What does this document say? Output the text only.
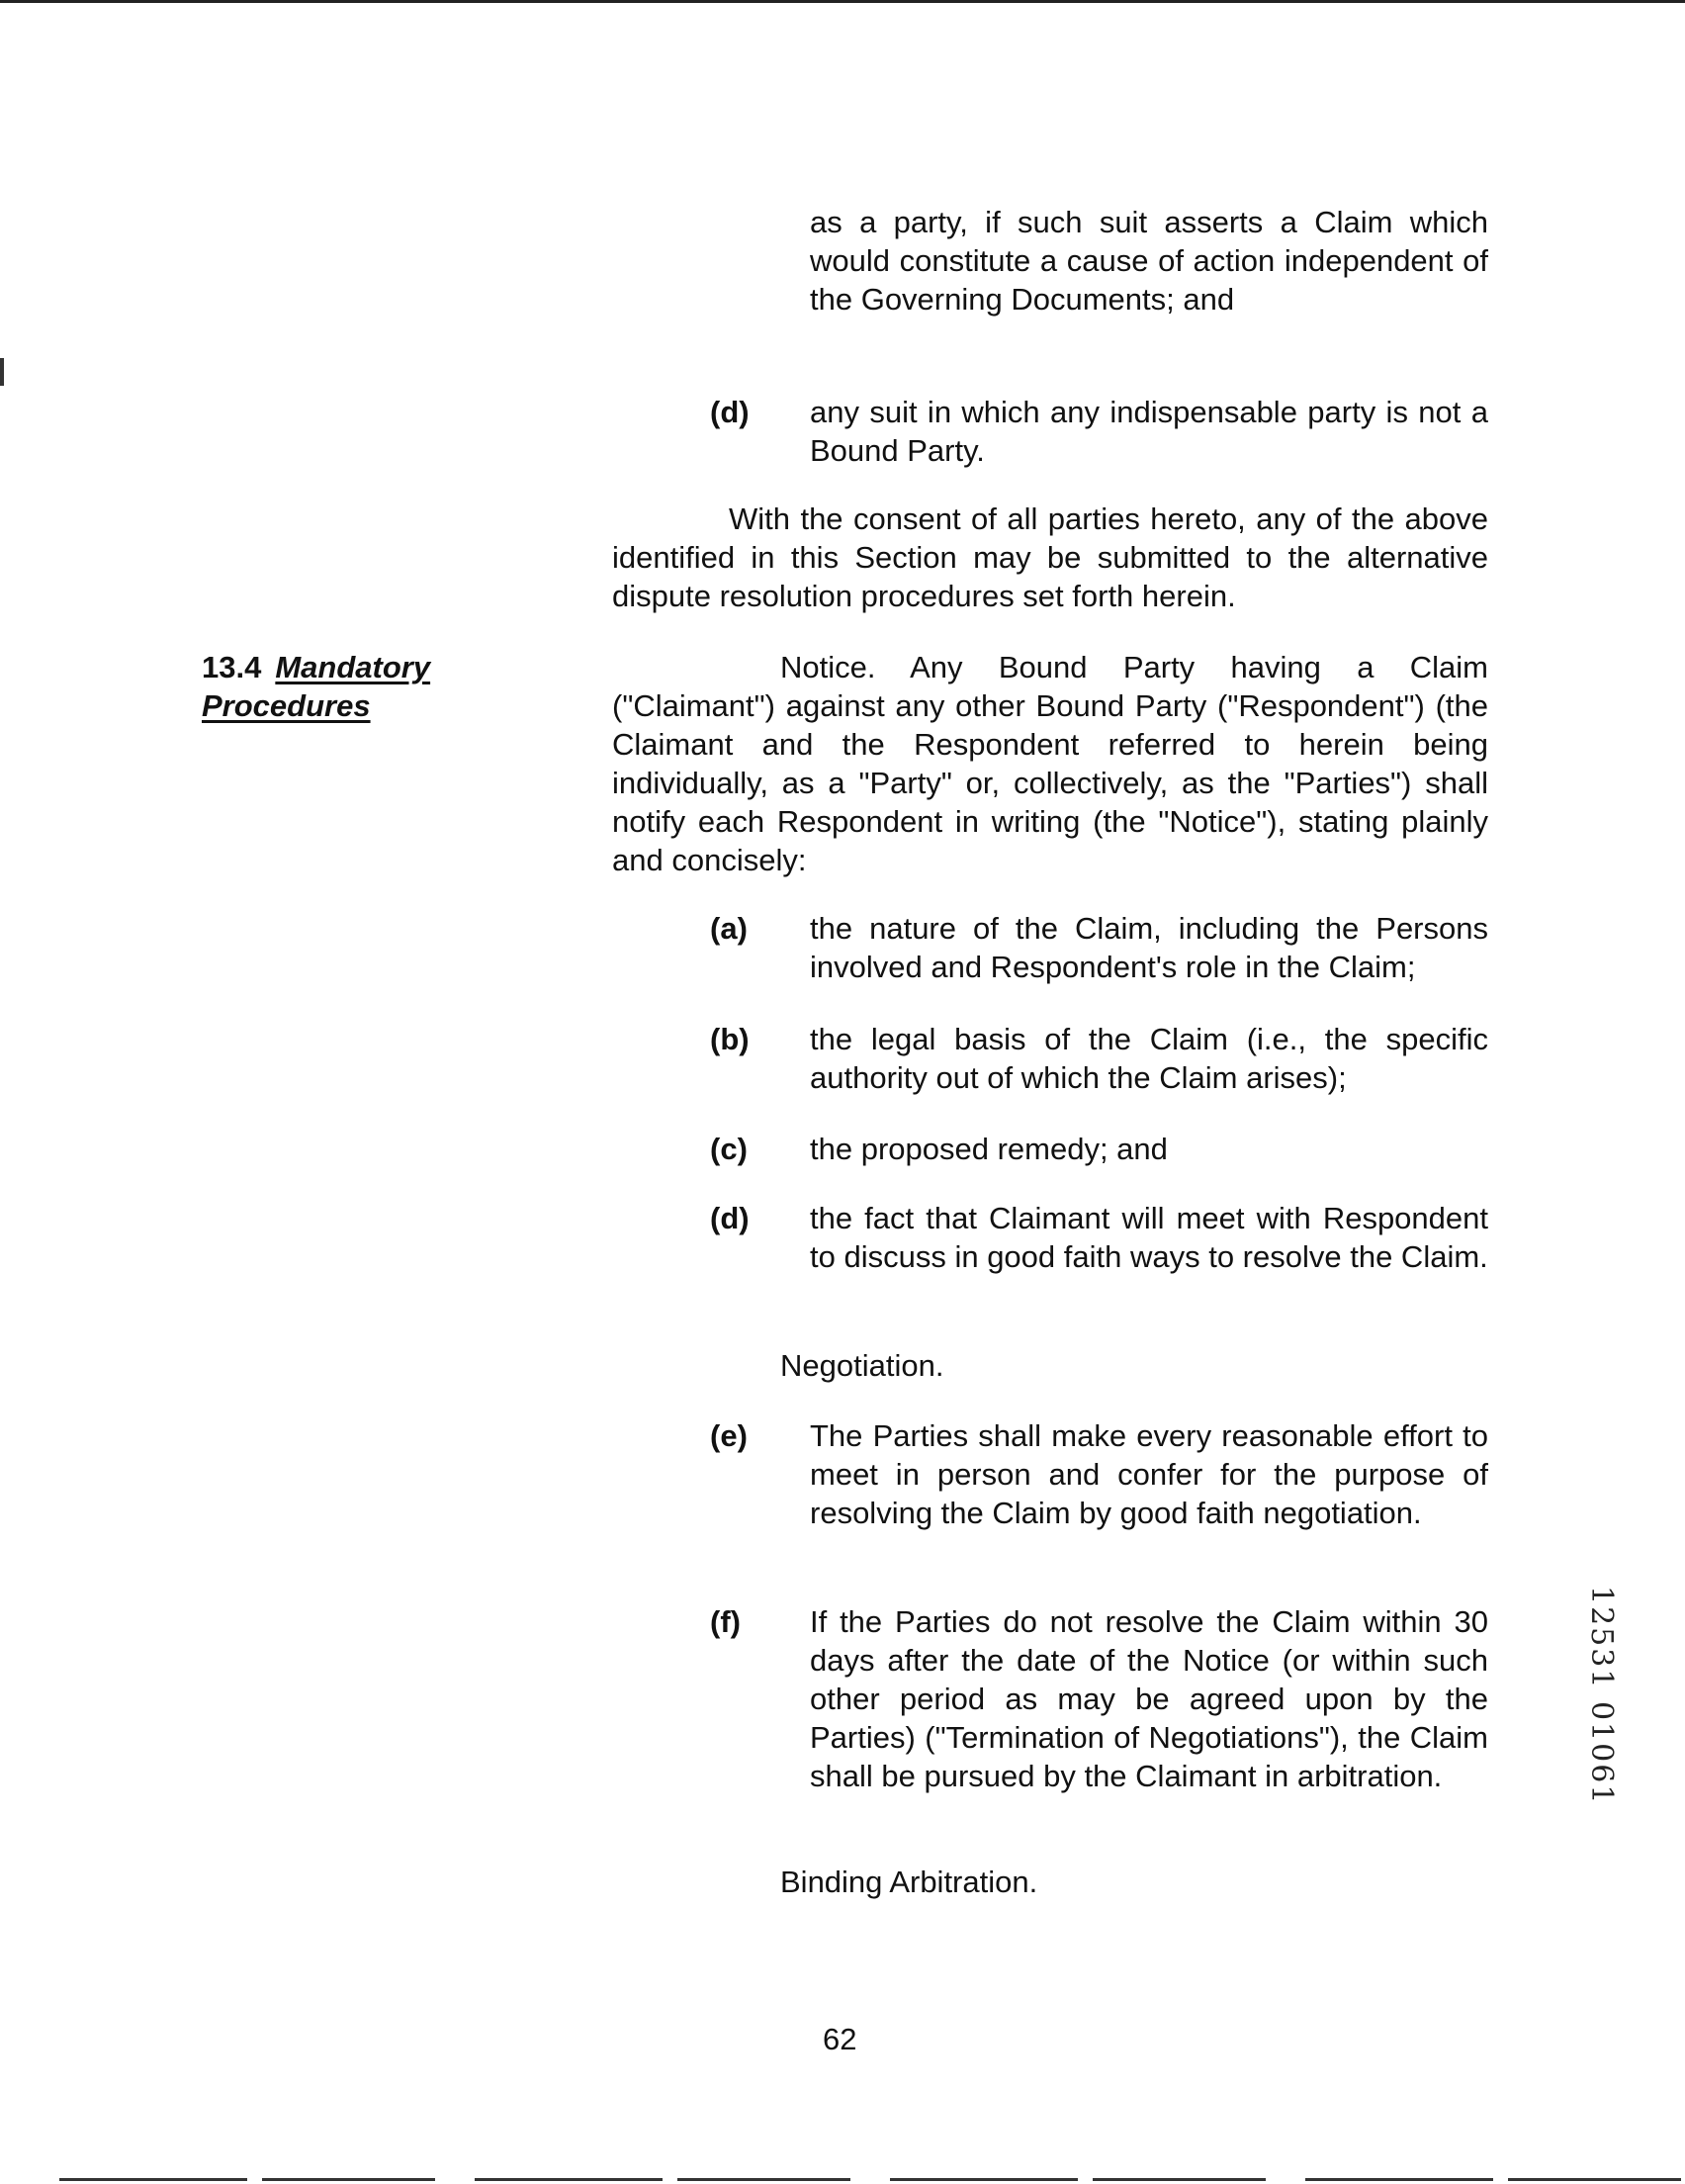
as a party, if such suit asserts a Claim which would constitute a cause of action independent of the Governing Documents; and
(d) any suit in which any indispensable party is not a Bound Party.
With the consent of all parties hereto, any of the above identified in this Section may be submitted to the alternative dispute resolution procedures set forth herein.
13.4 Mandatory
Procedures
Notice. Any Bound Party having a Claim ("Claimant") against any other Bound Party ("Respondent") (the Claimant and the Respondent referred to herein being individually, as a "Party" or, collectively, as the "Parties") shall notify each Respondent in writing (the "Notice"), stating plainly and concisely:
(a) the nature of the Claim, including the Persons involved and Respondent's role in the Claim;
(b) the legal basis of the Claim (i.e., the specific authority out of which the Claim arises);
(c) the proposed remedy; and
(d) the fact that Claimant will meet with Respondent to discuss in good faith ways to resolve the Claim.
Negotiation.
(e) The Parties shall make every reasonable effort to meet in person and confer for the purpose of resolving the Claim by good faith negotiation.
(f) If the Parties do not resolve the Claim within 30 days after the date of the Notice (or within such other period as may be agreed upon by the Parties) ("Termination of Negotiations"), the Claim shall be pursued by the Claimant in arbitration.
Binding Arbitration.
62
12531 01061
